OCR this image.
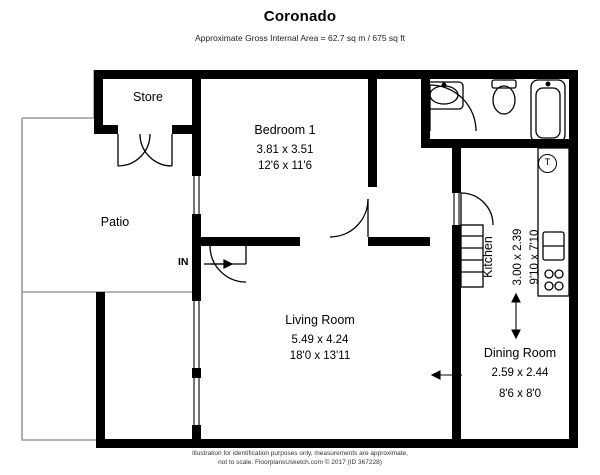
Coronado
Approximate Gross Internal Area = 62.7 sq m / 675 sq ft
Store
Bedroom 1
3.81 x 3.51
12'6 x 11'6
Patio
Kitchen 3.00 x 2.39 9'10 x 7'10
Living Room
5.49 x 4.24
18'0 x 13'11	Dining Room
2.59 x 2.44
8'6 x 8'0
IN
T
Illustration for identification purposes only, measurements are approximate,
not to scale. FloorplansUsketch.com © 2017 (ID 367228)
